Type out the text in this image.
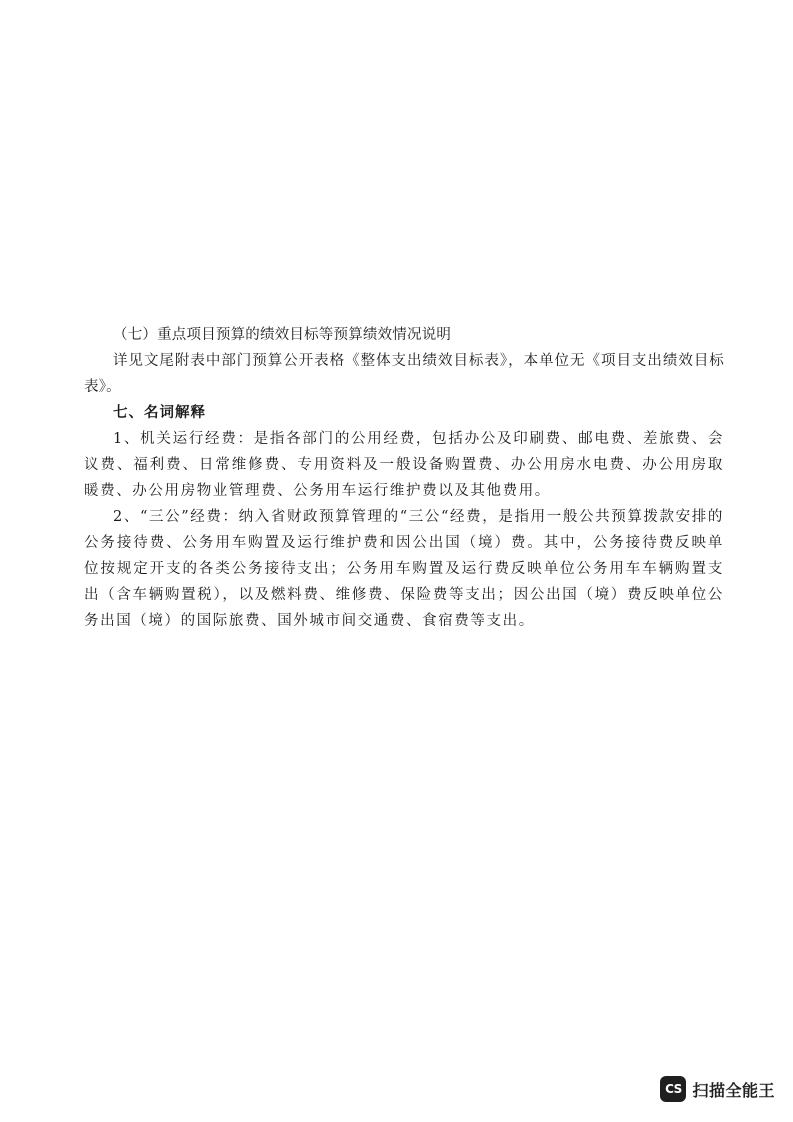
（七）重点项目预算的绩效目标等预算绩效情况说明

详见文尾附表中部门预算公开表格《整体支出绩效目标表》，本单位无《项目支出绩效目标表》。

七、名词解释

1、机关运行经费：是指各部门的公用经费，包括办公及印刷费、邮电费、差旅费、会议费、福利费、日常维修费、专用资料及一般设备购置费、办公用房水电费、办公用房取暖费、办公用房物业管理费、公务用车运行维护费以及其他费用。

2、“三公”经费：纳入省财政预算管理的“三公“经费，是指用一般公共预算拨款安排的公务接待费、公务用车购置及运行维护费和因公出国（境）费。其中，公务接待费反映单位按规定开支的各类公务接待支出；公务用车购置及运行费反映单位公务用车车辆购置支出（含车辆购置税），以及燃料费、维修费、保险费等支出；因公出国（境）费反映单位公务出国（境）的国际旅费、国外城市间交通费、食宿费等支出。

CS 扫描全能王
